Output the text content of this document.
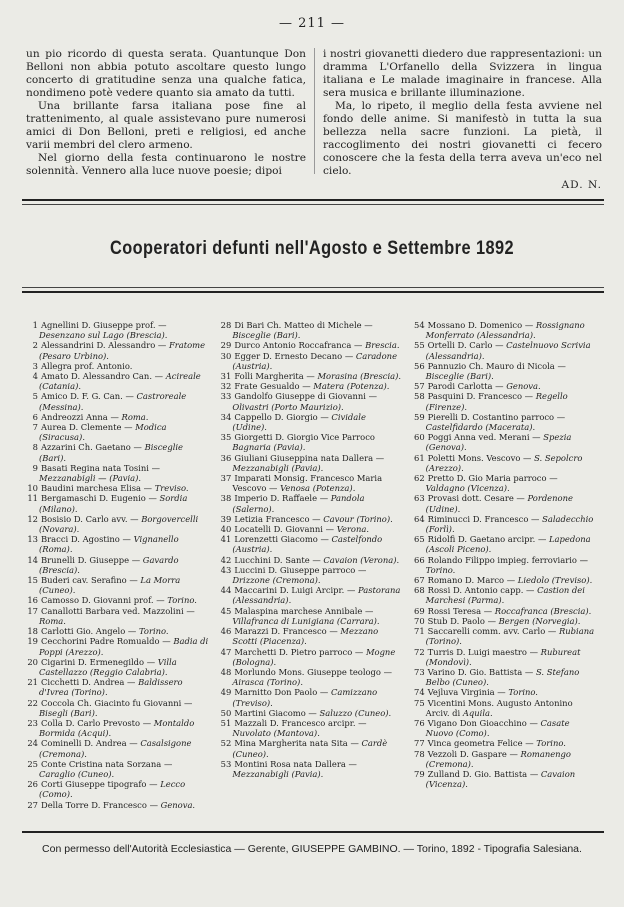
— 211 —

un pio ricordo di questa serata. Quantunque Don Belloni non abbia potuto ascoltare questo lungo concerto di gratitudine senza una qualche fatica, nondimeno potè vedere quanto sia amato da tutti.

Una brillante farsa italiana pose fine al trattenimento, al quale assistevano pure numerosi amici di Don Belloni, preti e religiosi, ed anche varii membri del clero armeno.

Nel giorno della festa continuarono le nostre solennità. Vennero alla luce nuove poesie; dipoi

i nostri giovanetti diedero due rappresentazioni: un dramma L'Orfanello della Svizzera in lingua italiana e Le malade imaginaire in francese. Alla sera musica e brillante illuminazione.

Ma, lo ripeto, il meglio della festa avviene nel fondo delle anime. Si manifestò in tutta la sua bellezza nella sacre funzioni. La pietà, il raccoglimento dei nostri giovanetti ci fecero conoscere che la festa della terra aveva un'eco nel cielo.

AD. N.
Cooperatori defunti nell'Agosto e Settembre 1892

1 Agnellini D. Giuseppe prof. — Desenzano sul Lago (Brescia).

2 Alessandrini D. Alessandro — Fratome (Pesaro Urbino).

3 Allegra prof. Antonio.

4 Amato D. Alessandro Can. — Acireale (Catania).

5 Amico D. F. G. Can. — Castroreale (Messina).

6 Andreozzi Anna — Roma.

7 Aurea D. Clemente — Modica (Siracusa).

8 Azzarini Ch. Gaetano — Bisceglie (Bari).

9 Basati Regina nata Tosini — Mezzanabigli — (Pavia).

10 Baudini marchesa Elisa — Treviso.

11 Bergamaschi D. Eugenio — Sordia (Milano).

12 Bosisio D. Carlo avv. — Borgovercelli (Novara).

13 Bracci D. Agostino — Vignanello (Roma).

14 Brunelli D. Giuseppe — Gavardo (Brescia).

15 Buderi cav. Serafino — La Morra (Cuneo).

16 Camosso D. Giovanni prof. — Torino.

17 Canallotti Barbara ved. Mazzolini — Roma.

18 Carlotti Gio. Angelo — Torino.

19 Cecchorini Padre Romualdo — Badia di Poppi (Arezzo).

20 Cigarini D. Ermenegildo — Villa Castellazzo (Reggio Calabria).

21 Cicchetti D. Andrea — Baldissero d'Ivrea (Torino).

22 Coccola Ch. Giacinto fu Giovanni — Bisegli (Bari).

23 Colla D. Carlo Prevosto — Montaldo Bormida (Acqui).

24 Cominelli D. Andrea — Casalsigone (Cremona).

25 Conte Cristina nata Sorzana — Caraglio (Cuneo).

26 Corti Giuseppe tipografo — Lecco (Como).

27 Della Torre D. Francesco — Genova.

28 Di Bari Ch. Matteo di Michele — Bisceglie (Bari).

29 Durco Antonio Roccafranca — Brescia.

30 Egger D. Ernesto Decano — Caradone (Austria).

31 Folli Margherita — Morasina (Brescia).

32 Frate Gesualdo — Matera (Potenza).

33 Gandolfo Giuseppe di Giovanni — Olivastri (Porto Maurizio).

34 Cappello D. Giorgio — Cividale (Udine).

35 Giorgetti D. Giorgio Vice Parroco Bagnaria (Pavia).

36 Giuliani Giuseppina nata Dallera — Mezzanabigli (Pavia).

37 Imparati Monsig. Francesco Maria Vescovo — Venosa (Potenza).

38 Imperio D. Raffaele — Pandola (Salerno).

39 Letizia Francesco — Cavour (Torino).

40 Locatelli D. Giovanni — Verona.

41 Lorenzetti Giacomo — Castelfondo (Austria).

42 Lucchini D. Sante — Cavaion (Verona).

43 Luccini D. Giuseppe parroco — Drizzone (Cremona).

44 Maccarini D. Luigi Arcipr. — Pastorana (Alessandria).

45 Malaspina marchese Annibale — Villafranca di Lunigiana (Carrara).

46 Marazzi D. Francesco — Mezzano Scotti (Piacenza).

47 Marchetti D. Pietro parroco — Mogne (Bologna).

48 Morlundo Mons. Giuseppe teologo — Airasca (Torino).

49 Marnitto Don Paolo — Camizzano (Treviso).

50 Martini Giacomo — Saluzzo (Cuneo).

51 Mazzali D. Francesco arcipr. — Nuvolato (Mantova).

52 Mina Margherita nata Sita — Cardè (Cuneo).

53 Montini Rosa nata Dallera — Mezzanabigli (Pavia).

54 Mossano D. Domenico — Rossignano Monferrato (Alessandria).

55 Ortelli D. Carlo — Castelnuovo Scrivia (Alessandria).

56 Pannuzio Ch. Mauro di Nicola — Bisceglie (Bari).

57 Parodi Carlotta — Genova.

58 Pasquini D. Francesco — Regello (Firenze).

59 Pierelli D. Costantino parroco — Castelfidardo (Macerata).

60 Poggi Anna ved. Merani — Spezia (Genova).

61 Poletti Mons. Vescovo — S. Sepolcro (Arezzo).

62 Pretto D. Gio Maria parroco — Valdagno (Vicenza).

63 Provasi dott. Cesare — Pordenone (Udine).

64 Riminucci D. Francesco — Saladecchio (Forlì).

65 Ridolfi D. Gaetano arcipr. — Lapedona (Ascoli Piceno).

66 Rolando Filippo impieg. ferroviario — Torino.

67 Romano D. Marco — Liedolo (Treviso).

68 Rossi D. Antonio capp. — Castion dei Marchesi (Parma).

69 Rossi Teresa — Roccafranca (Brescia).

70 Stub D. Paolo — Bergen (Norvegia).

71 Saccarelli comm. avv. Carlo — Rubiana (Torino).

72 Turris D. Luigi maestro — Rubureat (Mondovì).

73 Varino D. Gio. Battista — S. Stefano Belbo (Cuneo).

74 Vejluva Virginia — Torino.

75 Vicentini Mons. Augusto Antonino Arciv. di Aquila.

76 Vigano Don Gioacchino — Casate Nuovo (Como).

77 Vinca geometra Felice — Torino.

78 Vezzoli D. Gaspare — Romanengo (Cremona).

79 Zulland D. Gio. Battista — Cavaion (Vicenza).

Con permesso dell'Autorità Ecclesiastica — Gerente, GIUSEPPE GAMBINO. — Torino, 1892 - Tipografia Salesiana.
